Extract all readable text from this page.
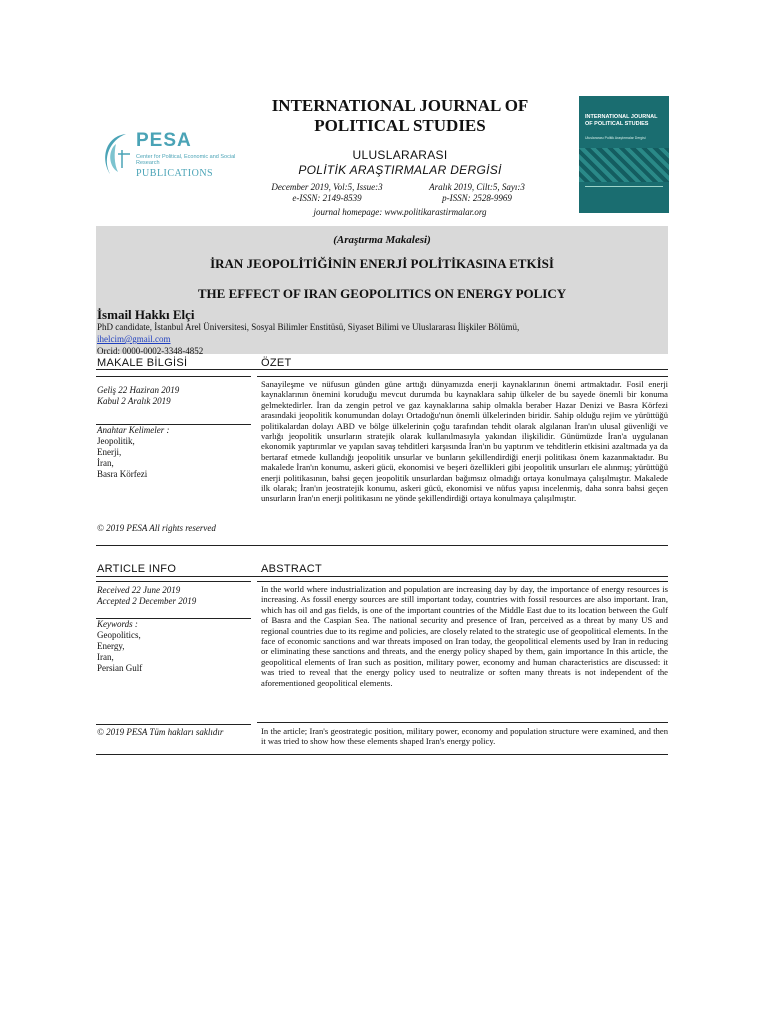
PESA
Center for Political, Economic and Social Research
PUBLICATIONS
INTERNATIONAL JOURNAL OF POLITICAL STUDIES
ULUSLARARASI
POLİTİK ARAŞTIRMALAR DERGİSİ
December 2019, Vol:5, Issue:3
e-ISSN: 2149-8539
Aralık 2019, Cilt:5, Sayı:3
p-ISSN: 2528-9969
journal homepage: www.politikarastirmalar.org
INTERNATIONAL JOURNAL OF POLITICAL STUDIES
Uluslararası Politik Araştırmalar Dergisi
(Araştırma Makalesi)
İRAN JEOPOLİTİĞİNİN ENERJİ POLİTİKASINA ETKİSİ
THE EFFECT OF IRAN GEOPOLITICS ON ENERGY POLICY
İsmail Hakkı Elçi
PhD candidate, İstanbul Arel Üniversitesi, Sosyal Bilimler Enstitüsü, Siyaset Bilimi ve Uluslararası İlişkiler Bölümü,
ihelcim@gmail.com
Orcid: 0000-0002-3348-4852
MAKALE BİLGİSİ	ÖZET
Geliş 22 Haziran 2019
Kabul 2 Aralık 2019
Anahtar Kelimeler :
Jeopolitik,
Enerji,
İran,
Basra Körfezi
© 2019 PESA All rights reserved
Sanayileşme ve nüfusun günden güne arttığı dünyamızda enerji kaynaklarının önemi artmaktadır. Fosil enerji kaynaklarının önemini koruduğu mevcut durumda bu kaynaklara sahip ülkeler de bu sayede önemli bir konuma gelmektedirler. İran da zengin petrol ve gaz kaynaklarına sahip olmakla beraber Hazar Denizi ve Basra Körfezi arasındaki jeopolitik konumundan dolayı Ortadoğu'nun önemli ülkelerinden biridir. Sahip olduğu rejim ve yürüttüğü politikalardan dolayı ABD ve bölge ülkelerinin çoğu tarafından tehdit olarak algılanan İran'ın ulusal güvenliği ve varlığı jeopolitik unsurların stratejik olarak kullanılmasıyla yakından ilişkilidir. Günümüzde İran'a uygulanan ekonomik yaptırımlar ve yapılan savaş tehditleri karşısında İran'ın bu yaptırım ve tehditlerin etkisini azaltmada ya da bertaraf etmede kullandığı jeopolitik unsurlar ve bunların şekillendirdiği enerji politikası önem kazanmaktadır. Bu makalede İran'ın konumu, askeri gücü, ekonomisi ve beşeri özellikleri gibi jeopolitik unsurları ele alınmış; yürüttüğü enerji politikasının, bahsi geçen jeopolitik unsurlardan bağımsız olmadığı ortaya konulmaya çalışılmıştır. Makalede ilk olarak; İran'ın jeostratejik konumu, askeri gücü, ekonomisi ve nüfus yapısı incelenmiş, daha sonra bahsi geçen unsurların İran'ın enerji politikasını ne yönde şekillendirdiği ortaya konulmaya çalışılmıştır.
ARTICLE INFO	ABSTRACT
Received 22 June 2019
Accepted 2 December 2019
Keywords :
Geopolitics,
Energy,
Iran,
Persian Gulf
© 2019 PESA Tüm hakları saklıdır
In the world where industrialization and population are increasing day by day, the importance of energy resources is increasing. As fossil energy sources are still important today, countries with fossil resources are also important. Iran, which has oil and gas fields, is one of the important countries of the Middle East due to its location between the Gulf of Basra and the Caspian Sea. The national security and presence of Iran, perceived as a threat by many US and regional countries due to its regime and policies, are closely related to the strategic use of geopolitical elements. In the face of economic sanctions and war threats imposed on Iran today, the geopolitical elements used by Iran in reducing or eliminating these sanctions and threats, and the energy policy shaped by them, gain importance In this article, the geopolitical elements of Iran such as position, military power, economy and human characteristics are discussed: it was tried to reveal that the energy policy used to neutralize or soften many threats is not independent of the aforementioned geopolitical elements.
In the article; Iran's geostrategic position, military power, economy and population structure were examined, and then it was tried to show how these elements shaped Iran's energy policy.
